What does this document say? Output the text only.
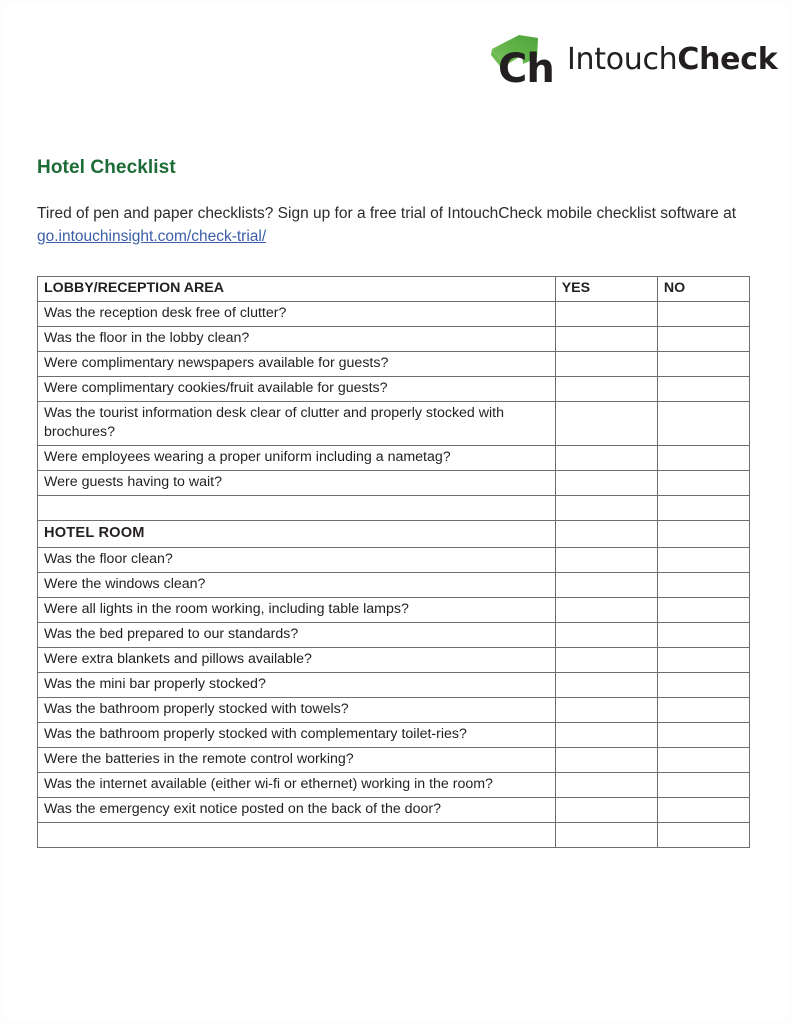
Ch IntouchCheck
Hotel Checklist

Tired of pen and paper checklists? Sign up for a free trial of IntouchCheck mobile checklist software at go.intouchinsight.com/check-trial/

LOBBY/RECEPTION AREA	YES	NO
Was the reception desk free of clutter?		
Was the floor in the lobby clean?		
Were complimentary newspapers available for guests?		
Were complimentary cookies/fruit available for guests?		
Was the tourist information desk clear of clutter and properly stocked with brochures?		
Were employees wearing a proper uniform including a nametag?		
Were guests having to wait?		

HOTEL ROOM		
Was the floor clean?		
Were the windows clean?		
Were all lights in the room working, including table lamps?		
Was the bed prepared to our standards?		
Were extra blankets and pillows available?		
Was the mini bar properly stocked?		
Was the bathroom properly stocked with towels?		
Was the bathroom properly stocked with complementary toilet-ries?		
Were the batteries in the remote control working?		
Was the internet available (either wi-fi or ethernet) working in the room?		
Was the emergency exit notice posted on the back of the door?		
